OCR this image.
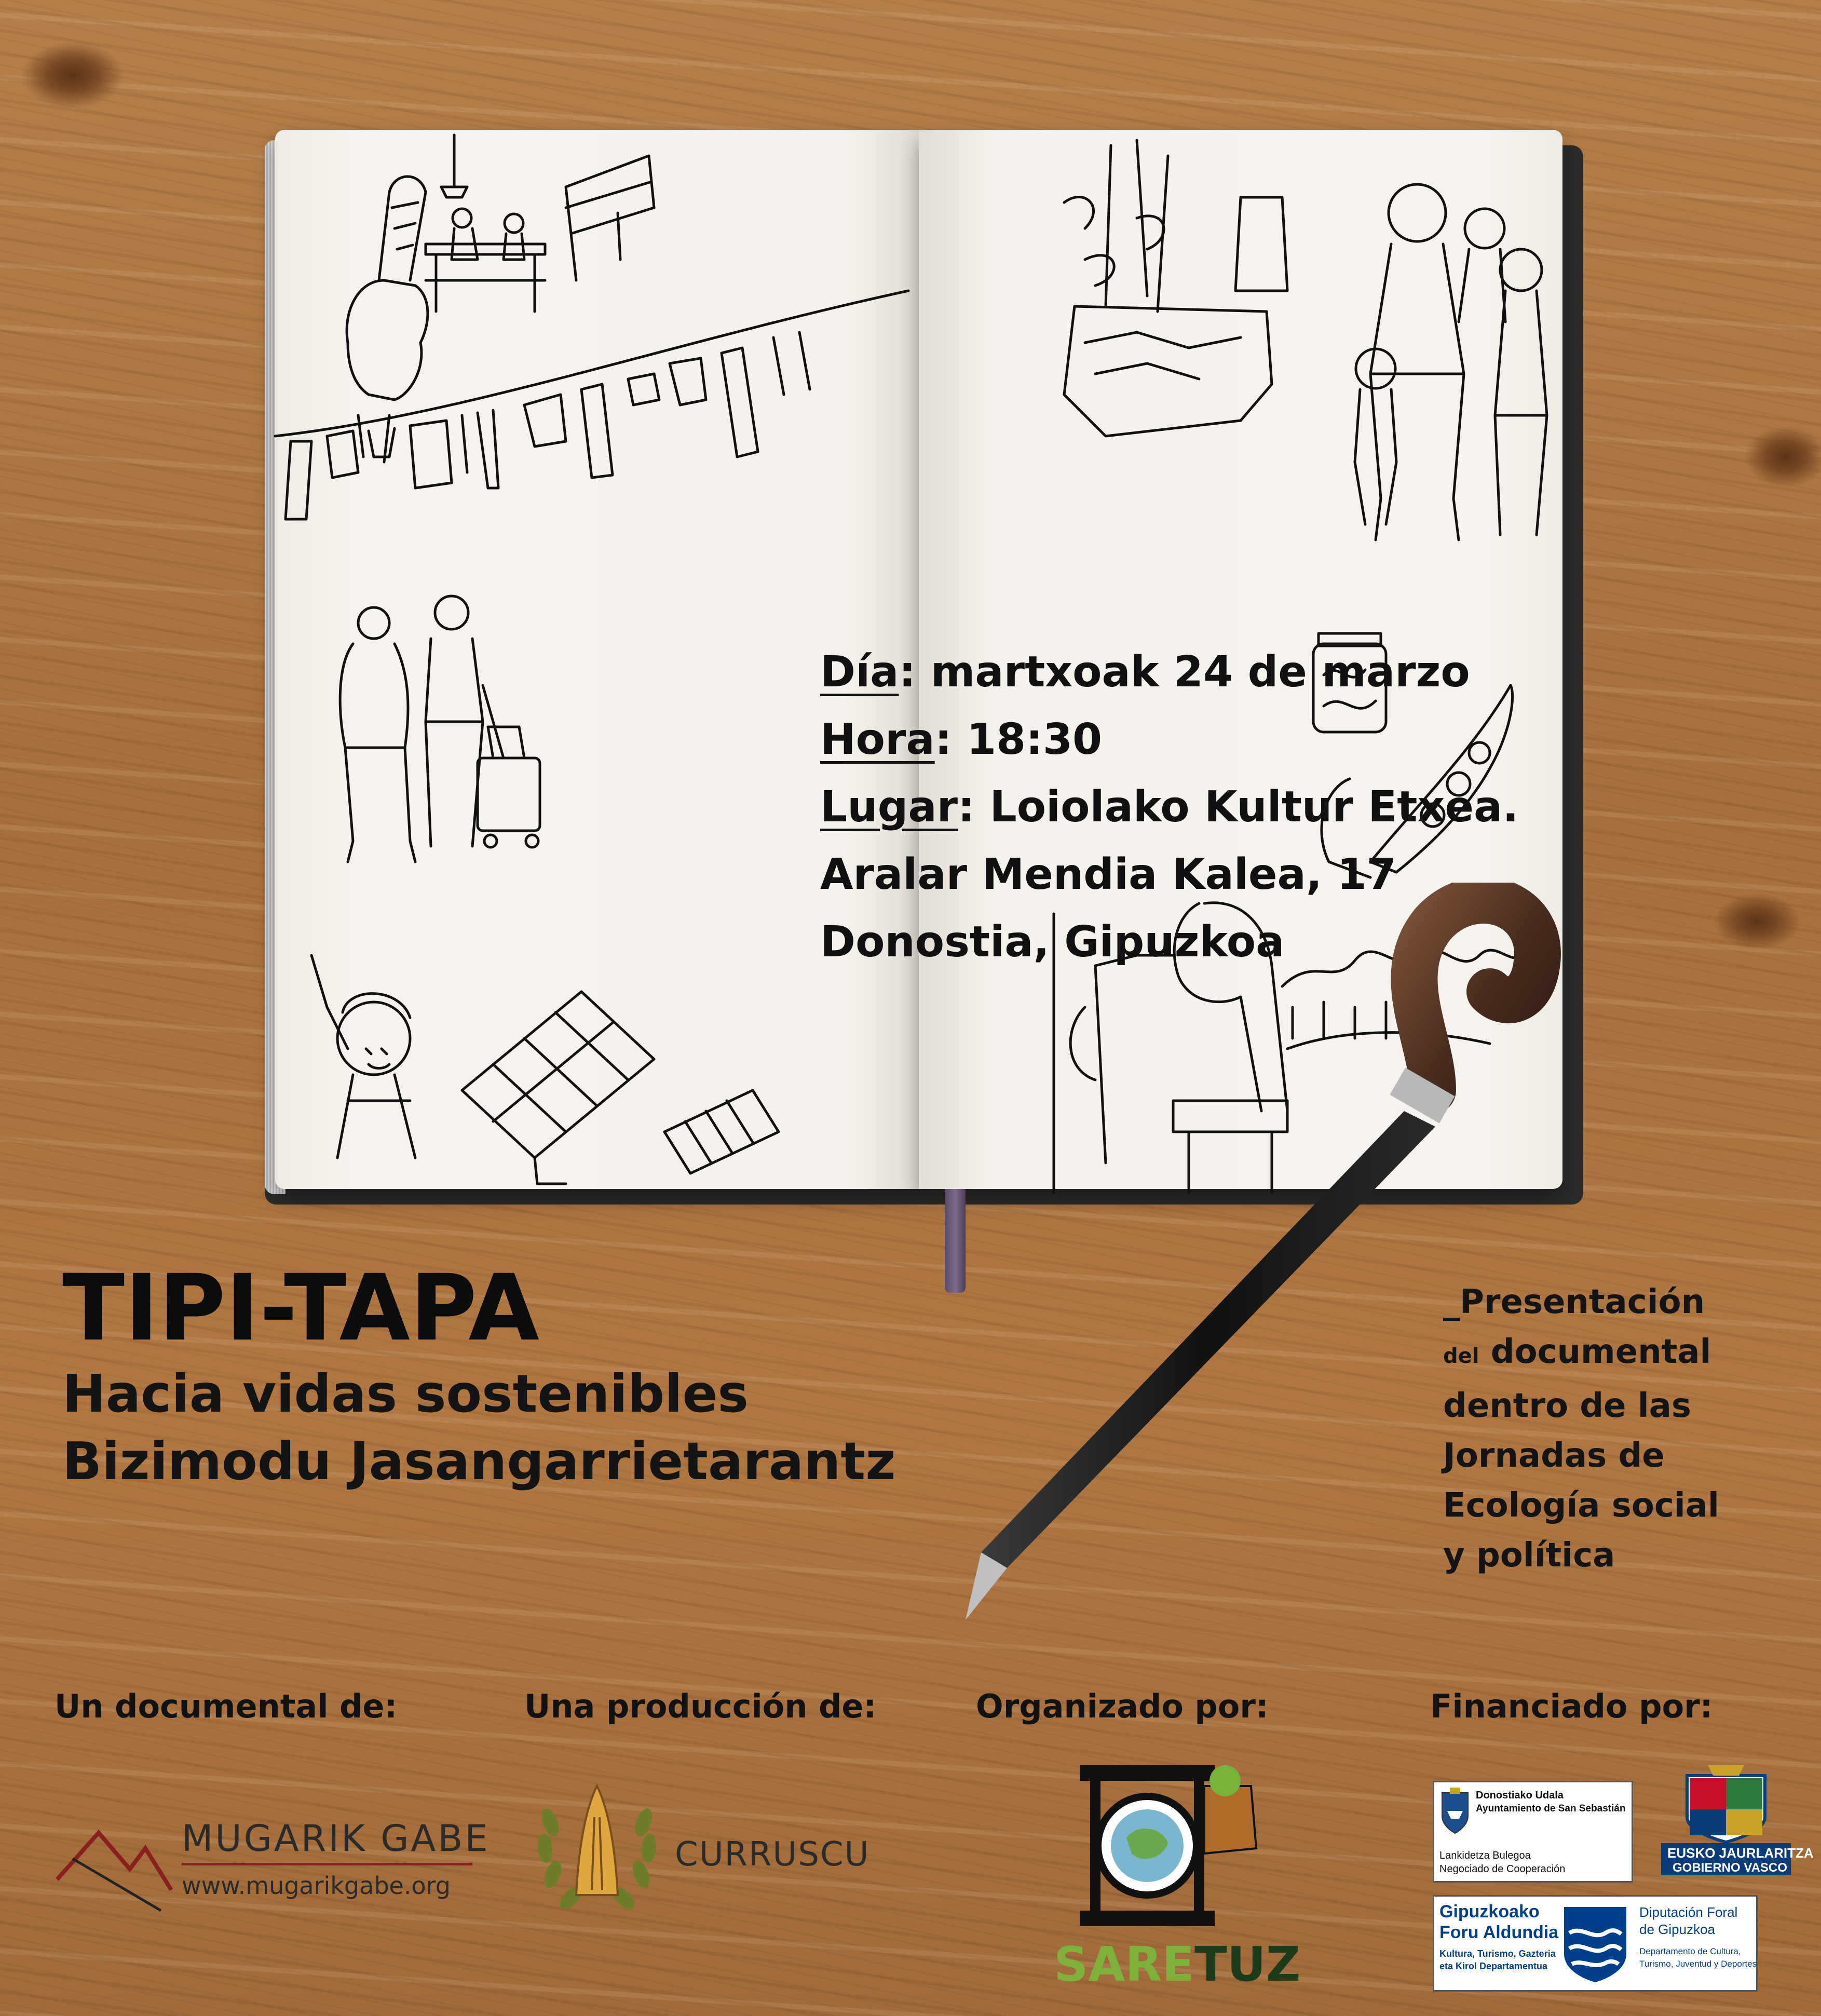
Día: martxoak 24 de marzo
Hora: 18:30
Lugar: Loiolako Kultur Etxea.
Aralar Mendia Kalea, 17
Donostia, Gipuzkoa
TIPI-TAPA
Hacia vidas sostenibles
Bizimodu Jasangarrietarantz
_Presentación
del documental
dentro de las
Jornadas de
Ecología social
y política
Un documental de:	Una producción de:	Organizado por:	Financiado por:
MUGARIK GABE
www.mugarikgabe.org
CURRUSCU
SARETUZ
Donostiako Udala
Ayuntamiento de San Sebastián
Lankidetza Bulegoa
Negociado de Cooperación
EUSKO JAURLARITZA
GOBIERNO VASCO
Gipuzkoako
Foru Aldundia
Kultura, Turismo, Gazteria
eta Kirol Departamentua
Diputación Foral
de Gipuzkoa
Departamento de Cultura,
Turismo, Juventud y Deportes
